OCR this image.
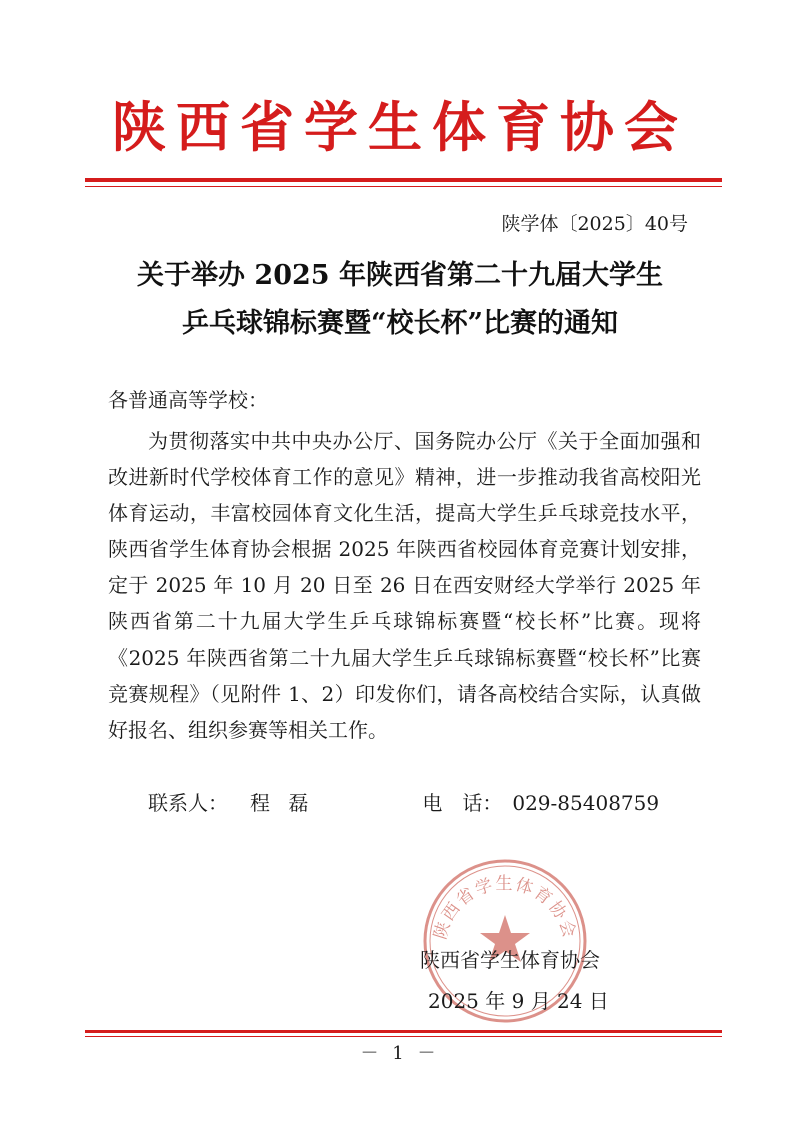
陕西省学生体育协会
陕学体〔2025〕40号
关于举办 2025 年陕西省第二十九届大学生
乒乓球锦标赛暨“校长杯”比赛的通知
各普通高等学校：
为贯彻落实中共中央办公厅、国务院办公厅《关于全面加强和改进新时代学校体育工作的意见》精神，进一步推动我省高校阳光体育运动，丰富校园体育文化生活，提高大学生乒乓球竞技水平，陕西省学生体育协会根据 2025 年陕西省校园体育竞赛计划安排，定于 2025 年 10 月 20 日至 26 日在西安财经大学举行 2025 年陕西省第二十九届大学生乒乓球锦标赛暨“校长杯”比赛。现将《2025 年陕西省第二十九届大学生乒乓球锦标赛暨“校长杯”比赛竞赛规程》（见附件 1、2）印发你们，请各高校结合实际，认真做好报名、组织参赛等相关工作。
联系人： 程 磊	电　话： 029-85408759
陕西省学生体育协会
陕西省学生体育协会
2025 年 9 月 24 日
－ 1 －
